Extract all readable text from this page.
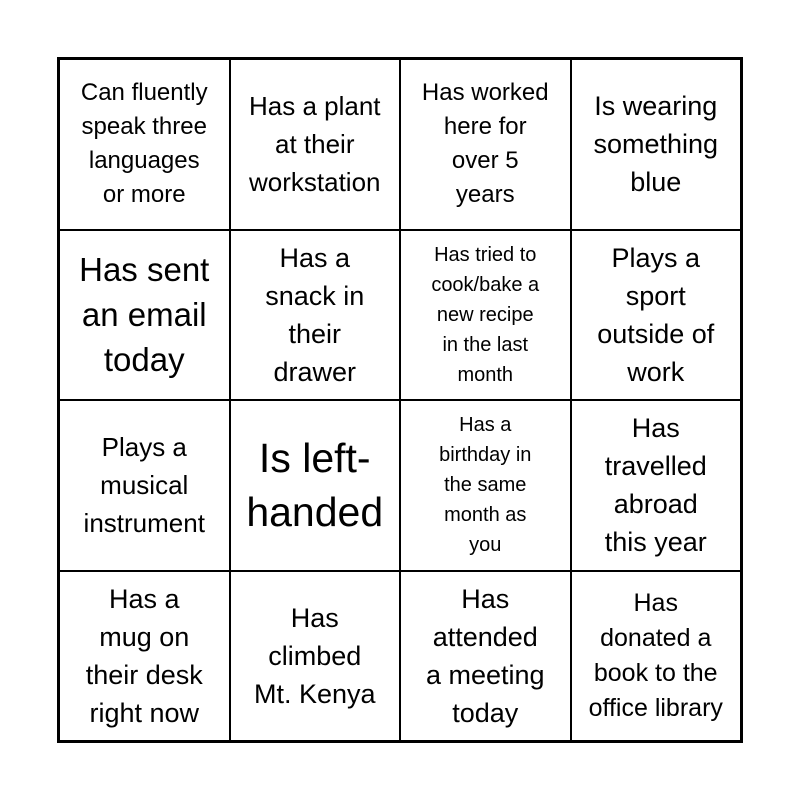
Can fluently
speak three
languages
or more
Has a plant
at their
workstation
Has worked
here for
over 5
years
Is wearing
something
blue
Has sent
an email
today
Has a
snack in
their
drawer
Has tried to
cook/bake a
new recipe
in the last
month
Plays a
sport
outside of
work
Plays a
musical
instrument
Is left-
handed
Has a
birthday in
the same
month as
you
Has
travelled
abroad
this year
Has a
mug on
their desk
right now
Has
climbed
Mt. Kenya
Has
attended
a meeting
today
Has
donated a
book to the
office library
